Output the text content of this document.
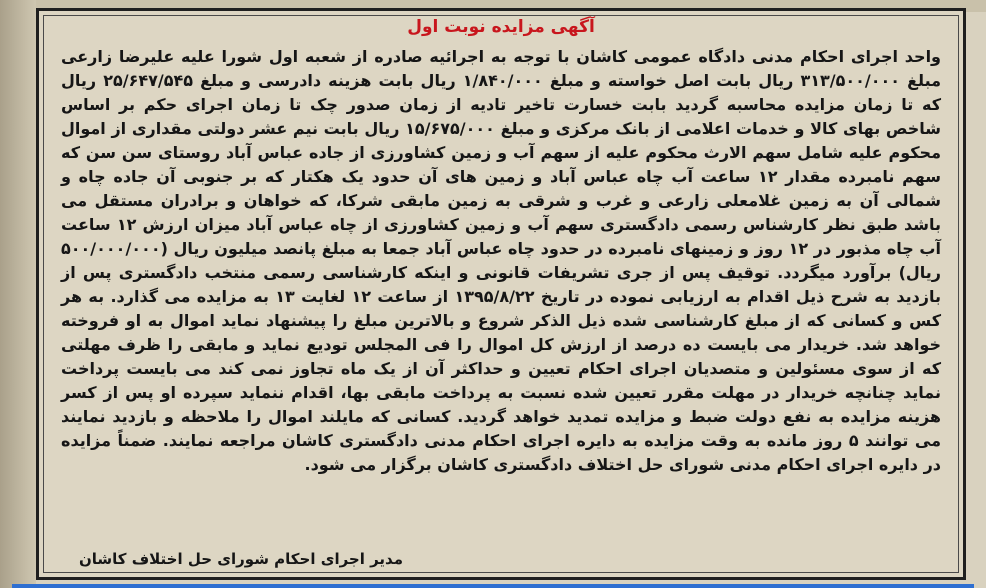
آگهی مزایده نوبت اول

واحد اجرای احکام مدنی دادگاه عمومی کاشان با توجه به اجرائیه صادره از شعبه اول شورا علیه علیرضا زارعی مبلغ ۳۱۳/۵۰۰/۰۰۰ ریال بابت اصل خواسته و مبلغ ۱/۸۴۰/۰۰۰ ریال بابت هزینه دادرسی و مبلغ ۲۵/۶۴۷/۵۴۵ ریال که تا زمان مزایده محاسبه گردید بابت خسارت تاخیر تادیه از زمان صدور چک تا زمان اجرای حکم بر اساس شاخص بهای کالا و خدمات اعلامی از بانک مرکزی و مبلغ ۱۵/۶۷۵/۰۰۰ ریال بابت نیم عشر دولتی مقداری از اموال محکوم علیه شامل سهم الارث محکوم علیه از سهم آب و زمین کشاورزی از جاده عباس آباد روستای سن سن که سهم نامبرده مقدار ۱۲ ساعت آب چاه عباس آباد و زمین های آن حدود یک هکتار که بر جنوبی آن جاده چاه و شمالی آن به زمین غلامعلی زارعی و غرب و شرقی به زمین مابقی شرکا، که خواهان و برادران مستقل می باشد طبق نظر کارشناس رسمی دادگستری سهم آب و زمین کشاورزی از چاه عباس آباد میزان ارزش ۱۲ ساعت آب چاه مذبور در ۱۲ روز و زمینهای نامبرده در حدود چاه عباس آباد جمعا به مبلغ پانصد میلیون ریال (۵۰۰/۰۰۰/۰۰۰ ریال) برآورد میگردد. توقیف پس از جری تشریفات قانونی و اینکه کارشناسی رسمی منتخب دادگستری پس از بازدید به شرح ذیل اقدام به ارزیابی نموده در تاریخ ۱۳۹۵/۸/۲۲ از ساعت ۱۲ لغایت ۱۳ به مزایده می گذارد. به هر کس و کسانی که از مبلغ کارشناسی شده ذیل الذکر شروع و بالاترین مبلغ را پیشنهاد نماید اموال به او فروخته خواهد شد. خریدار می بایست ده درصد از ارزش کل اموال را فی المجلس تودیع نماید و مابقی را ظرف مهلتی که از سوی مسئولین و متصدیان اجرای احکام تعیین و حداکثر آن از یک ماه تجاوز نمی کند می بایست پرداخت نماید چنانچه خریدار در مهلت مقرر تعیین شده نسبت به پرداخت مابقی بها، اقدام ننماید سپرده او پس از کسر هزینه مزایده به نفع دولت ضبط و مزایده تمدید خواهد گردید. کسانی که مایلند اموال را ملاحظه و بازدید نمایند می توانند ۵ روز مانده به وقت مزایده به دایره اجرای احکام مدنی دادگستری کاشان مراجعه نمایند. ضمناً مزایده در دایره اجرای احکام مدنی شورای حل اختلاف دادگستری کاشان برگزار می شود.

مدیر اجرای احکام شورای حل اختلاف کاشان
